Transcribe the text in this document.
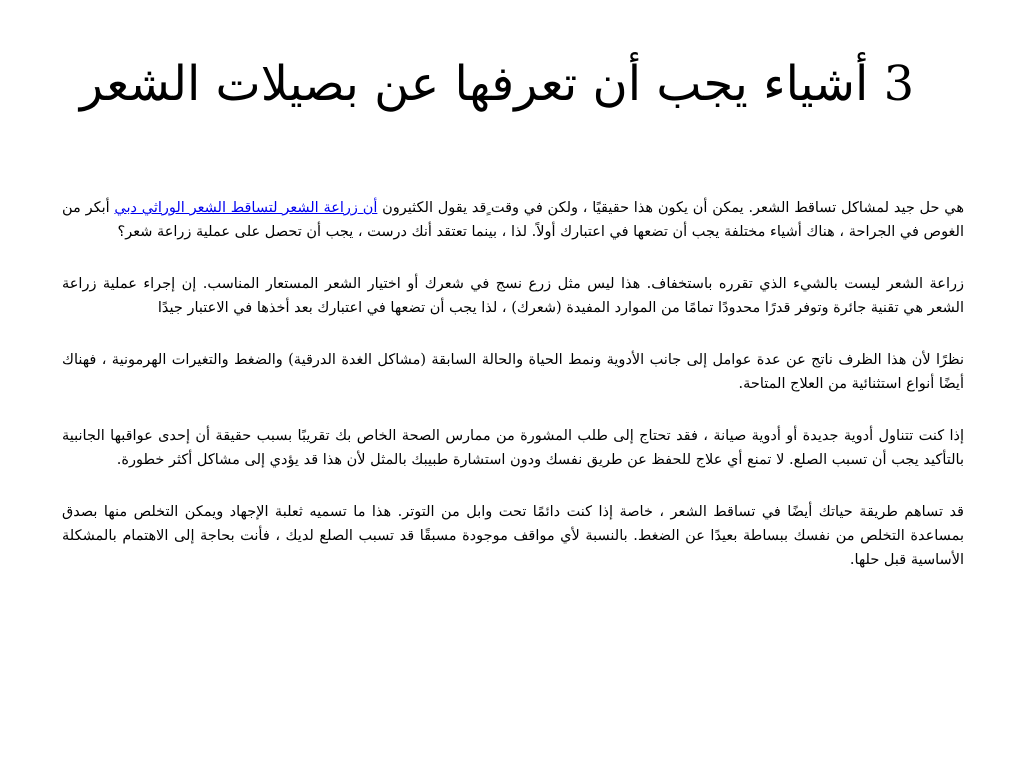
3 أشياء يجب أن تعرفها عن بصيلات الشعر

هي حل جيد لمشاكل تساقط الشعر. يمكن أن يكون هذا حقيقيًا ، ولكن في وقت ٍقد يقول الكثيرون أن زراعة الشعر لتساقط الشعر الوراثي دبي أبكر من الغوص في الجراحة ، هناك أشياء مختلفة يجب أن تضعها في اعتبارك أولاً. لذا ، بينما تعتقد أنك درست ، يجب أن تحصل على عملية زراعة شعر؟

زراعة الشعر ليست بالشيء الذي تقرره باستخفاف. هذا ليس مثل زرع نسج في شعرك أو اختيار الشعر المستعار المناسب. إن إجراء عملية زراعة الشعر هي تقنية جائرة وتوفر قدرًا محدودًا تمامًا من الموارد المفيدة (شعرك) ، لذا يجب أن تضعها في اعتبارك بعد أخذها في الاعتبار جيدًا

نظرًا لأن هذا الظرف ناتج عن عدة عوامل إلى جانب الأدوية ونمط الحياة والحالة السابقة (مشاكل الغدة الدرقية) والضغط والتغيرات الهرمونية ، فهناك أيضًا أنواع استثنائية من العلاج المتاحة.

إذا كنت تتناول أدوية جديدة أو أدوية صيانة ، فقد تحتاج إلى طلب المشورة من ممارس الصحة الخاص بك تقريبًا بسبب حقيقة أن إحدى عواقبها الجانبية بالتأكيد يجب أن تسبب الصلع. لا تمنع أي علاج للحفظ عن طريق نفسك ودون استشارة طبيبك بالمثل لأن هذا قد يؤدي إلى مشاكل أكثر خطورة.

قد تساهم طريقة حياتك أيضًا في تساقط الشعر ، خاصة إذا كنت دائمًا تحت وابل من التوتر. هذا ما تسميه ثعلبة الإجهاد ويمكن التخلص منها بصدق بمساعدة التخلص من نفسك ببساطة بعيدًا عن الضغط. بالنسبة لأي مواقف موجودة مسبقًا قد تسبب الصلع لديك ، فأنت بحاجة إلى الاهتمام بالمشكلة الأساسية قبل حلها.
